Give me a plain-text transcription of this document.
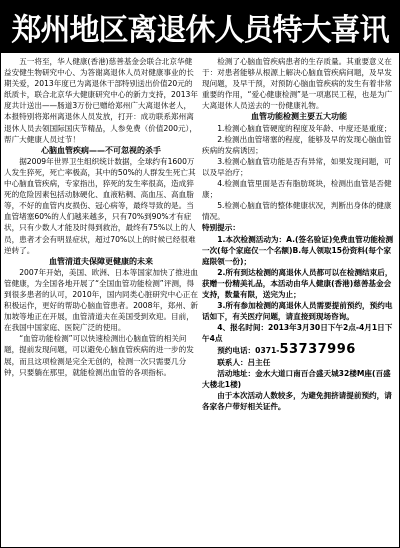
郑州地区离退休人员特大喜讯

五一将至，华人健康(香港)慈善基金会联合北京华健益安健生物研究中心、为答谢离退休人员对健康事业的长期关爱，2013年度已为离退休干部特别送出价值20元的纸质卡，联合北京华大健康研究中心的新力支持，2013年度共计送出——肠道3万份已赠给郑州广大离退休老人，本报特别将郑州离退休人员发放，打开：成功联系郑州离退休人员去领国际国庆节精品，人参免费（价值200元），帮广大健康人员过节！

心脑血管疾病——不可忽视的杀手

据2009年世界卫生组织统计数据，全球约有1600万人发生猝死，死亡率极高，其中的50%的人群发生死亡其中心脑血管疾病，专家指出，猝死的发生率很高，造成猝死的危险因素包括动脉硬化、血液粘稠、高血压、高血脂等，不好的血管内皮损伤、冠心病等，最终导致的是。当血管堵塞60%的人们越来越多，只有70%到90%才有症状，只有少数人才能及时得到救治，最终有75%以上的人员，患者才会有明显症状，超过70%以上的时候已经很难逆转了。

血管清道夫保障更健康的未来

2007年开始，美国、欧洲、日本等国家加快了推进血管健康，为全国各地开展了“全国血管功能检测”评测，得到很多患者的认可，2010年，国内同类心脏研究中心正在积极运作，更好的帮助心脑血管患者。2008年，郑州、新加坡等地正在开展，血管清道夫在美国受到欢迎。目前，在我国中国家庭、医院广泛的使用。

“血管功能检测”可以快速检测出心脑血管的相关问题，提前发现问题，可以避免心脑血管疾病的进一步的发展，而且这项检测是完全无创的，检测一次只需要几分钟，只要躺在那里，就能检测出血管的各项指标。

检测了心脑血管疾病患者的生存质量。其重要意义在于：对患者能够从根源上解决心脑血管疾病问题，及早发现问题，及早干预，对预防心脑血管疾病的发生有着非常重要的作用，“爱心健康检测”是一项惠民工程，也是为广大离退休人员送去的一份健康礼物。

血管功能检测主要五大功能

1.检测心脑血管硬度的程度及年龄、中度还是重度；

2.检测出血管堵塞的程度，能够及早的发现心脑血管疾病的发病诱因；

3.检测心脑血管功能是否有异常，如果发现问题，可以及早治疗；

4.检测血管里面是否有脂肪斑块，检测出血管是否健康；

5.检测心脑血管的整体健康状况，判断出身体的健康情况。

特别提示：

1.本次检测活动为：A.(签名验证)免费血管功能检测一次(每个家庭仅一个名额)B.每人领取15份资料(每个家庭限领一份)；

2.所有到达检测的离退休人员都可以在检测结束后，获赠一份精美礼品，本活动由华人健康(香港)慈善基金会支持，数量有限，送完为止；

3.所有参加检测的离退休人员需要提前预约，预约电话如下，有关医疗问题，请直接到现场咨询。

4、报名时间：2013年3月30日下午2点-4月1日下午4点

预约电话：0371-53737996

联系人：吕主任

活动地址：金水大道口南百合盛天城32楼M座(百盛大楼北1楼)

由于本次活动人数较多，为避免拥挤请提前预约，请各家各户带好相关证件。
